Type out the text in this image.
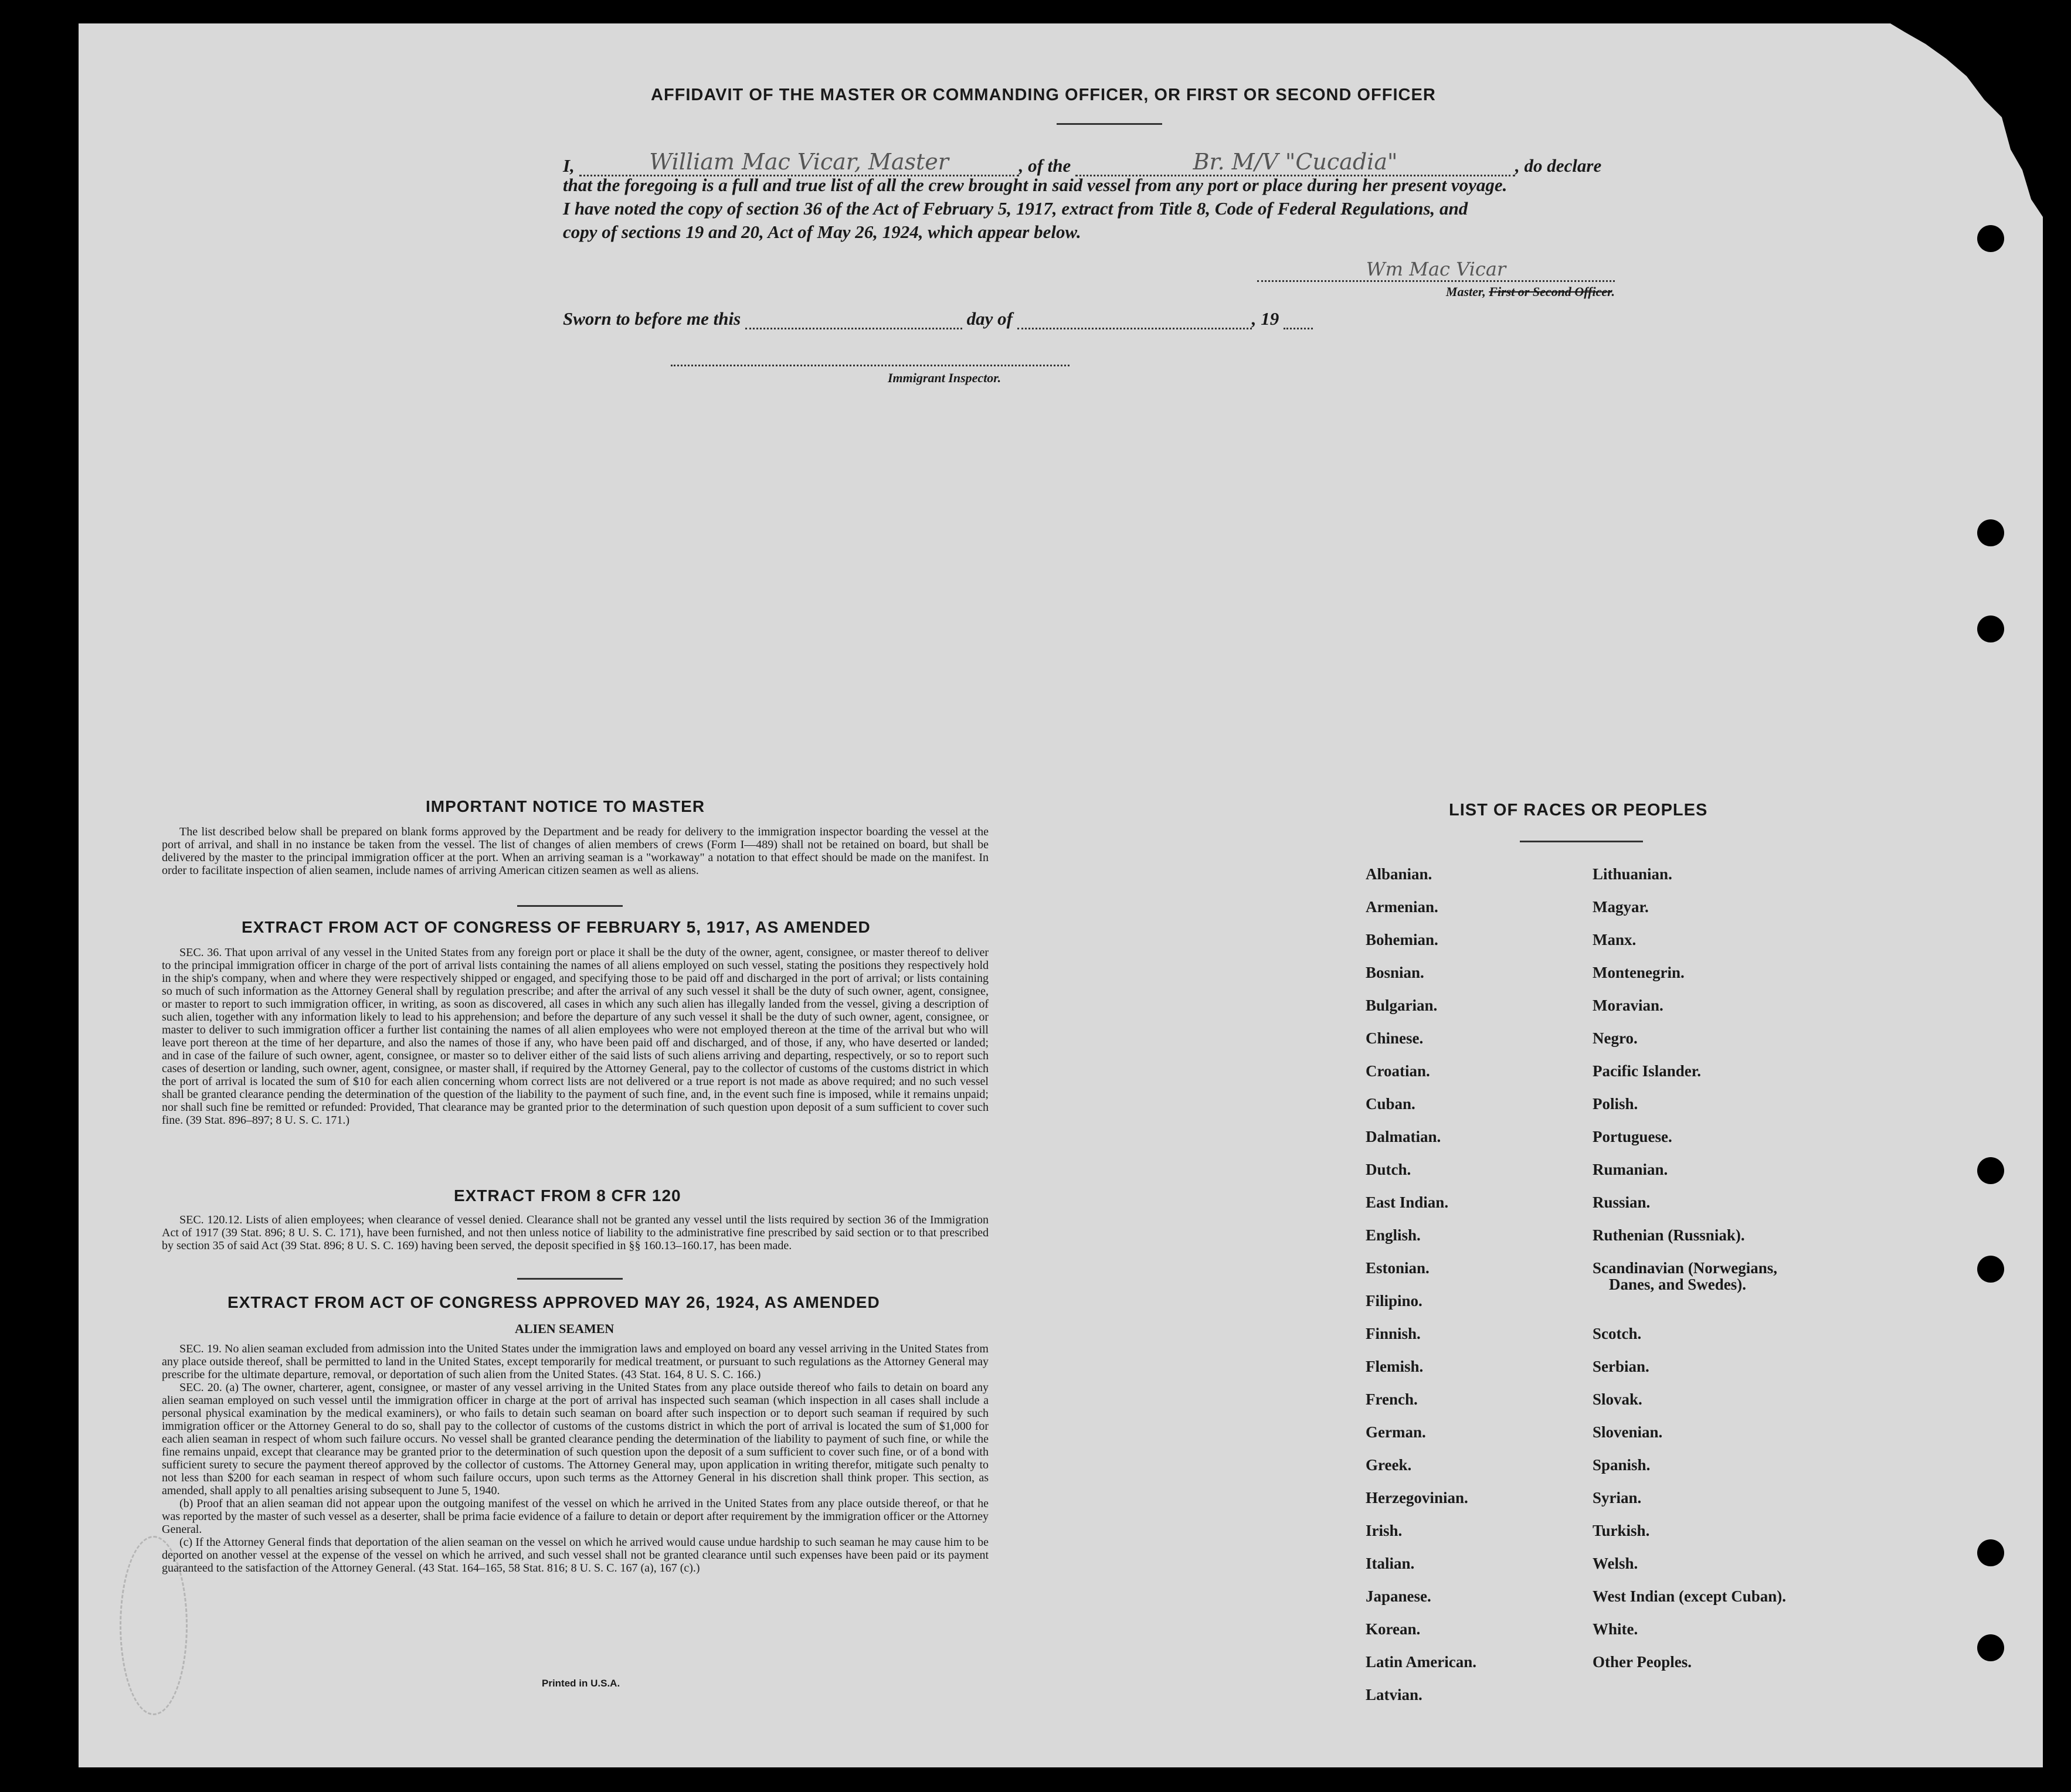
AFFIDAVIT OF THE MASTER OR COMMANDING OFFICER, OR FIRST OR SECOND OFFICER
I,	William Mac Vicar, Master	, of the	Br. M/V "Cucadia"	, do declare
that the foregoing is a full and true list of all the crew brought in said vessel from any port or place during her present voyage.
I have noted the copy of section 36 of the Act of February 5, 1917, extract from Title 8, Code of Federal Regulations, and
copy of sections 19 and 20, Act of May 26, 1924, which appear below.
Wm Mac Vicar
Master, First or Second Officer.
Sworn to before me this	day of	, 19
Immigrant Inspector.
IMPORTANT NOTICE TO MASTER

The list described below shall be prepared on blank forms approved by the Department and be ready for delivery to the immigration inspector boarding the vessel at the port of arrival, and shall in no instance be taken from the vessel. The list of changes of alien members of crews (Form I—489) shall not be retained on board, but shall be delivered by the master to the principal immigration officer at the port. When an arriving seaman is a "workaway" a notation to that effect should be made on the manifest. In order to facilitate inspection of alien seamen, include names of arriving American citizen seamen as well as aliens.

EXTRACT FROM ACT OF CONGRESS OF FEBRUARY 5, 1917, AS AMENDED

SEC. 36. That upon arrival of any vessel in the United States from any foreign port or place it shall be the duty of the owner, agent, consignee, or master thereof to deliver to the principal immigration officer in charge of the port of arrival lists containing the names of all aliens employed on such vessel, stating the positions they respectively hold in the ship's company, when and where they were respectively shipped or engaged, and specifying those to be paid off and discharged in the port of arrival; or lists containing so much of such information as the Attorney General shall by regulation prescribe; and after the arrival of any such vessel it shall be the duty of such owner, agent, consignee, or master to report to such immigration officer, in writing, as soon as discovered, all cases in which any such alien has illegally landed from the vessel, giving a description of such alien, together with any information likely to lead to his apprehension; and before the departure of any such vessel it shall be the duty of such owner, agent, consignee, or master to deliver to such immigration officer a further list containing the names of all alien employees who were not employed thereon at the time of the arrival but who will leave port thereon at the time of her departure, and also the names of those if any, who have been paid off and discharged, and of those, if any, who have deserted or landed; and in case of the failure of such owner, agent, consignee, or master so to deliver either of the said lists of such aliens arriving and departing, respectively, or so to report such cases of desertion or landing, such owner, agent, consignee, or master shall, if required by the Attorney General, pay to the collector of customs of the customs district in which the port of arrival is located the sum of $10 for each alien concerning whom correct lists are not delivered or a true report is not made as above required; and no such vessel shall be granted clearance pending the determination of the question of the liability to the payment of such fine, and, in the event such fine is imposed, while it remains unpaid; nor shall such fine be remitted or refunded: Provided, That clearance may be granted prior to the determination of such question upon deposit of a sum sufficient to cover such fine. (39 Stat. 896–897; 8 U. S. C. 171.)

EXTRACT FROM 8 CFR 120

SEC. 120.12. Lists of alien employees; when clearance of vessel denied. Clearance shall not be granted any vessel until the lists required by section 36 of the Immigration Act of 1917 (39 Stat. 896; 8 U. S. C. 171), have been furnished, and not then unless notice of liability to the administrative fine prescribed by said section or to that prescribed by section 35 of said Act (39 Stat. 896; 8 U. S. C. 169) having been served, the deposit specified in §§ 160.13–160.17, has been made.

EXTRACT FROM ACT OF CONGRESS APPROVED MAY 26, 1924, AS AMENDED
ALIEN SEAMEN

SEC. 19. No alien seaman excluded from admission into the United States under the immigration laws and employed on board any vessel arriving in the United States from any place outside thereof, shall be permitted to land in the United States, except temporarily for medical treatment, or pursuant to such regulations as the Attorney General may prescribe for the ultimate departure, removal, or deportation of such alien from the United States. (43 Stat. 164, 8 U. S. C. 166.)

SEC. 20. (a) The owner, charterer, agent, consignee, or master of any vessel arriving in the United States from any place outside thereof who fails to detain on board any alien seaman employed on such vessel until the immigration officer in charge at the port of arrival has inspected such seaman (which inspection in all cases shall include a personal physical examination by the medical examiners), or who fails to detain such seaman on board after such inspection or to deport such seaman if required by such immigration officer or the Attorney General to do so, shall pay to the collector of customs of the customs district in which the port of arrival is located the sum of $1,000 for each alien seaman in respect of whom such failure occurs. No vessel shall be granted clearance pending the determination of the liability to payment of such fine, or while the fine remains unpaid, except that clearance may be granted prior to the determination of such question upon the deposit of a sum sufficient to cover such fine, or of a bond with sufficient surety to secure the payment thereof approved by the collector of customs. The Attorney General may, upon application in writing therefor, mitigate such penalty to not less than $200 for each seaman in respect of whom such failure occurs, upon such terms as the Attorney General in his discretion shall think proper. This section, as amended, shall apply to all penalties arising subsequent to June 5, 1940.

(b) Proof that an alien seaman did not appear upon the outgoing manifest of the vessel on which he arrived in the United States from any place outside thereof, or that he was reported by the master of such vessel as a deserter, shall be prima facie evidence of a failure to detain or deport after requirement by the immigration officer or the Attorney General.

(c) If the Attorney General finds that deportation of the alien seaman on the vessel on which he arrived would cause undue hardship to such seaman he may cause him to be deported on another vessel at the expense of the vessel on which he arrived, and such vessel shall not be granted clearance until such expenses have been paid or its payment guaranteed to the satisfaction of the Attorney General. (43 Stat. 164–165, 58 Stat. 816; 8 U. S. C. 167 (a), 167 (c).)

Printed in U.S.A.
LIST OF RACES OR PEOPLES
Albanian.
Armenian.
Bohemian.
Bosnian.
Bulgarian.
Chinese.
Croatian.
Cuban.
Dalmatian.
Dutch.
East Indian.
English.
Estonian.
Filipino.
Finnish.
Flemish.
French.
German.
Greek.
Herzegovinian.
Irish.
Italian.
Japanese.
Korean.
Latin American.
Latvian.
Lithuanian.
Magyar.
Manx.
Montenegrin.
Moravian.
Negro.
Pacific Islander.
Polish.
Portuguese.
Rumanian.
Russian.
Ruthenian (Russniak).
Scandinavian (Norwegians,
Danes, and Swedes).
Scotch.
Serbian.
Slovak.
Slovenian.
Spanish.
Syrian.
Turkish.
Welsh.
West Indian (except Cuban).
White.
Other Peoples.
